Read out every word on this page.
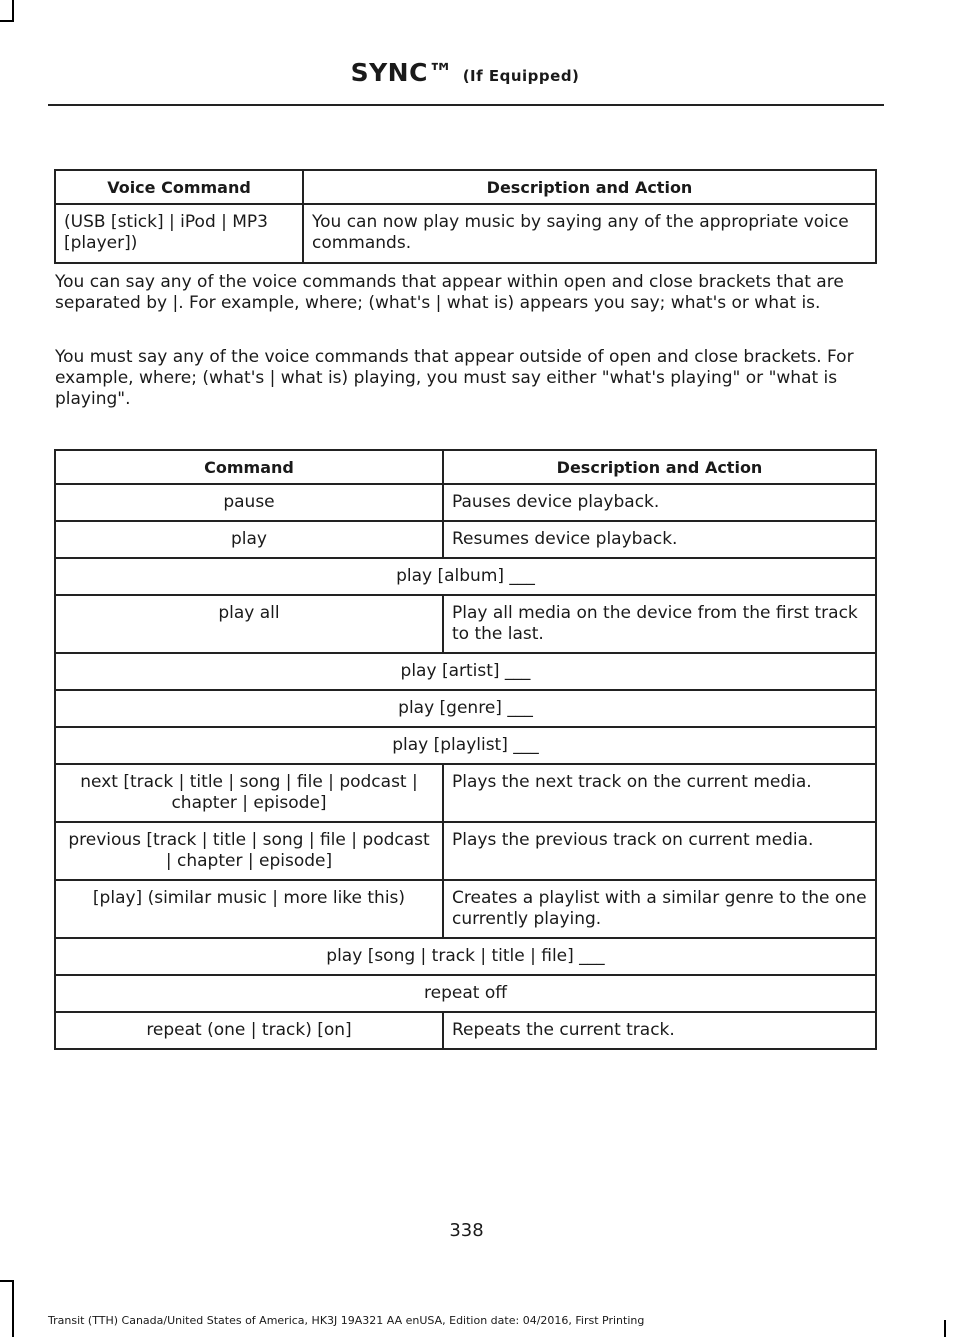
SYNC™ (If Equipped)
Voice Command	Description and Action
(USB [stick] | iPod | MP3 [player])	You can now play music by saying any of the appropriate voice commands.

You can say any of the voice commands that appear within open and close brackets that are separated by |. For example, where; (what's | what is) appears you say; what's or what is.

You must say any of the voice commands that appear outside of open and close brackets. For example, where; (what's | what is) playing, you must say either "what's playing" or "what is playing".

Command	Description and Action
pause	Pauses device playback.
play	Resumes device playback.
play [album] ___	
play all	Play all media on the device from the first track to the last.
play [artist] ___	
play [genre] ___	
play [playlist] ___	
next [track | title | song | file | podcast | chapter | episode]	Plays the next track on the current media.
previous [track | title | song | file | podcast | chapter | episode]	Plays the previous track on current media.
[play] (similar music | more like this)	Creates a playlist with a similar genre to the one currently playing.
play [song | track | title | file] ___	
repeat off	
repeat (one | track) [on]	Repeats the current track.
338
Transit (TTH) Canada/United States of America, HK3J 19A321 AA enUSA, Edition date: 04/2016, First Printing
